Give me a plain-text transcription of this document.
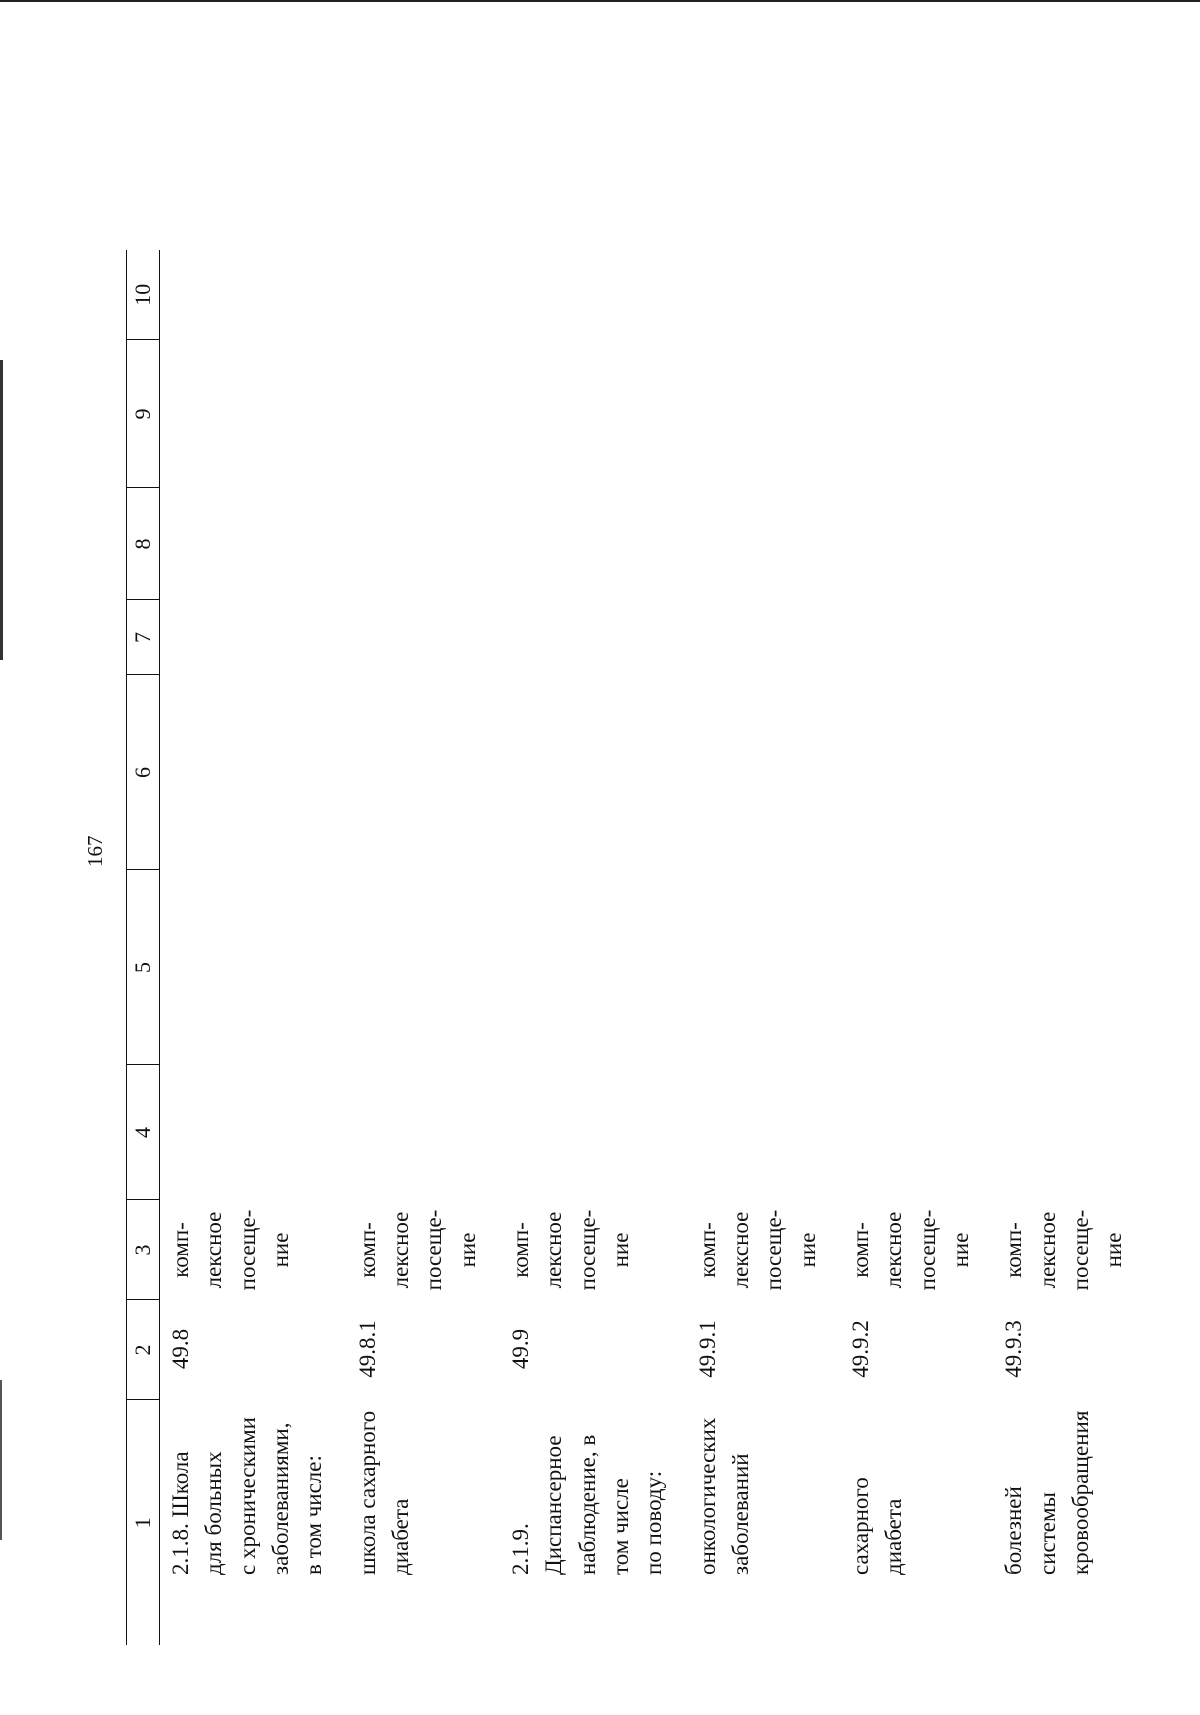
167
1	2	3	4	5	6	7	8	9	10

2.1.8. Школа
для больных
с хроническими
заболеваниями,
в том числе:	49.8	комп-
лексное
посеще-
ние							

школа сахарного диабета	49.8.1	комп-
лексное
посеще-
ние							

2.1.9. Диспансерное
наблюдение, в том числе
по поводу:	49.9	комп-
лексное
посеще-
ние							

онкологических
заболеваний	49.9.1	комп-
лексное
посеще-
ние							

сахарного диабета	49.9.2	комп-
лексное
посеще-
ние							

болезней системы
кровообращения	49.9.3	комп-
лексное
посеще-
ние							
